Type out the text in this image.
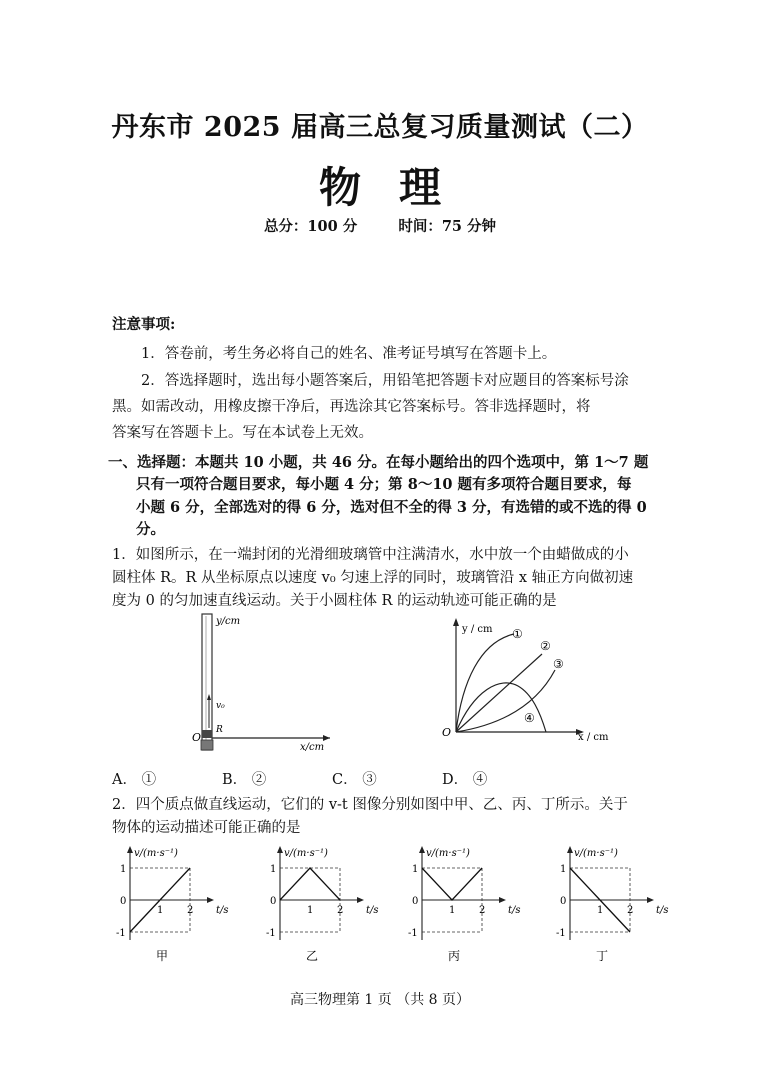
丹东市 2025 届高三总复习质量测试（二）
物理
总分：100 分	时间：75 分钟
注意事项:
1．答卷前，考生务必将自己的姓名、准考证号填写在答题卡上。
2．答选择题时，选出每小题答案后，用铅笔把答题卡对应题目的答案标号涂
黑。如需改动，用橡皮擦干净后，再选涂其它答案标号。答非选择题时，将
答案写在答题卡上。写在本试卷上无效。
一、选择题：本题共 10 小题，共 46 分。在每小题给出的四个选项中，第 1～7 题
只有一项符合题目要求，每小题 4 分；第 8～10 题有多项符合题目要求，每
小题 6 分，全部选对的得 6 分，选对但不全的得 3 分，有选错的或不选的得 0
分。
1．如图所示，在一端封闭的光滑细玻璃管中注满清水，水中放一个由蜡做成的小
圆柱体 R。R 从坐标原点以速度 v₀ 匀速上浮的同时，玻璃管沿 x 轴正方向做初速
度为 0 的匀加速直线运动。关于小圆柱体 R 的运动轨迹可能正确的是
v₀
R
O
y/cm
x/cm
y / cm
x / cm
O
①
②
③
④
A． ①	B． ②	C． ③	D． ④
2．四个质点做直线运动，它们的 v-t 图像分别如图中甲、乙、丙、丁所示。关于
物体的运动描述可能正确的是
1
0
-1
1 2
v/(m·s⁻¹)
t/s
甲
1
0
-1
1 2
v/(m·s⁻¹)
t/s
乙
1
0
-1
1 2
v/(m·s⁻¹)
t/s
丙
1
0
-1
1 2
v/(m·s⁻¹)
t/s
丁
高三物理第 1 页 （共 8 页）
